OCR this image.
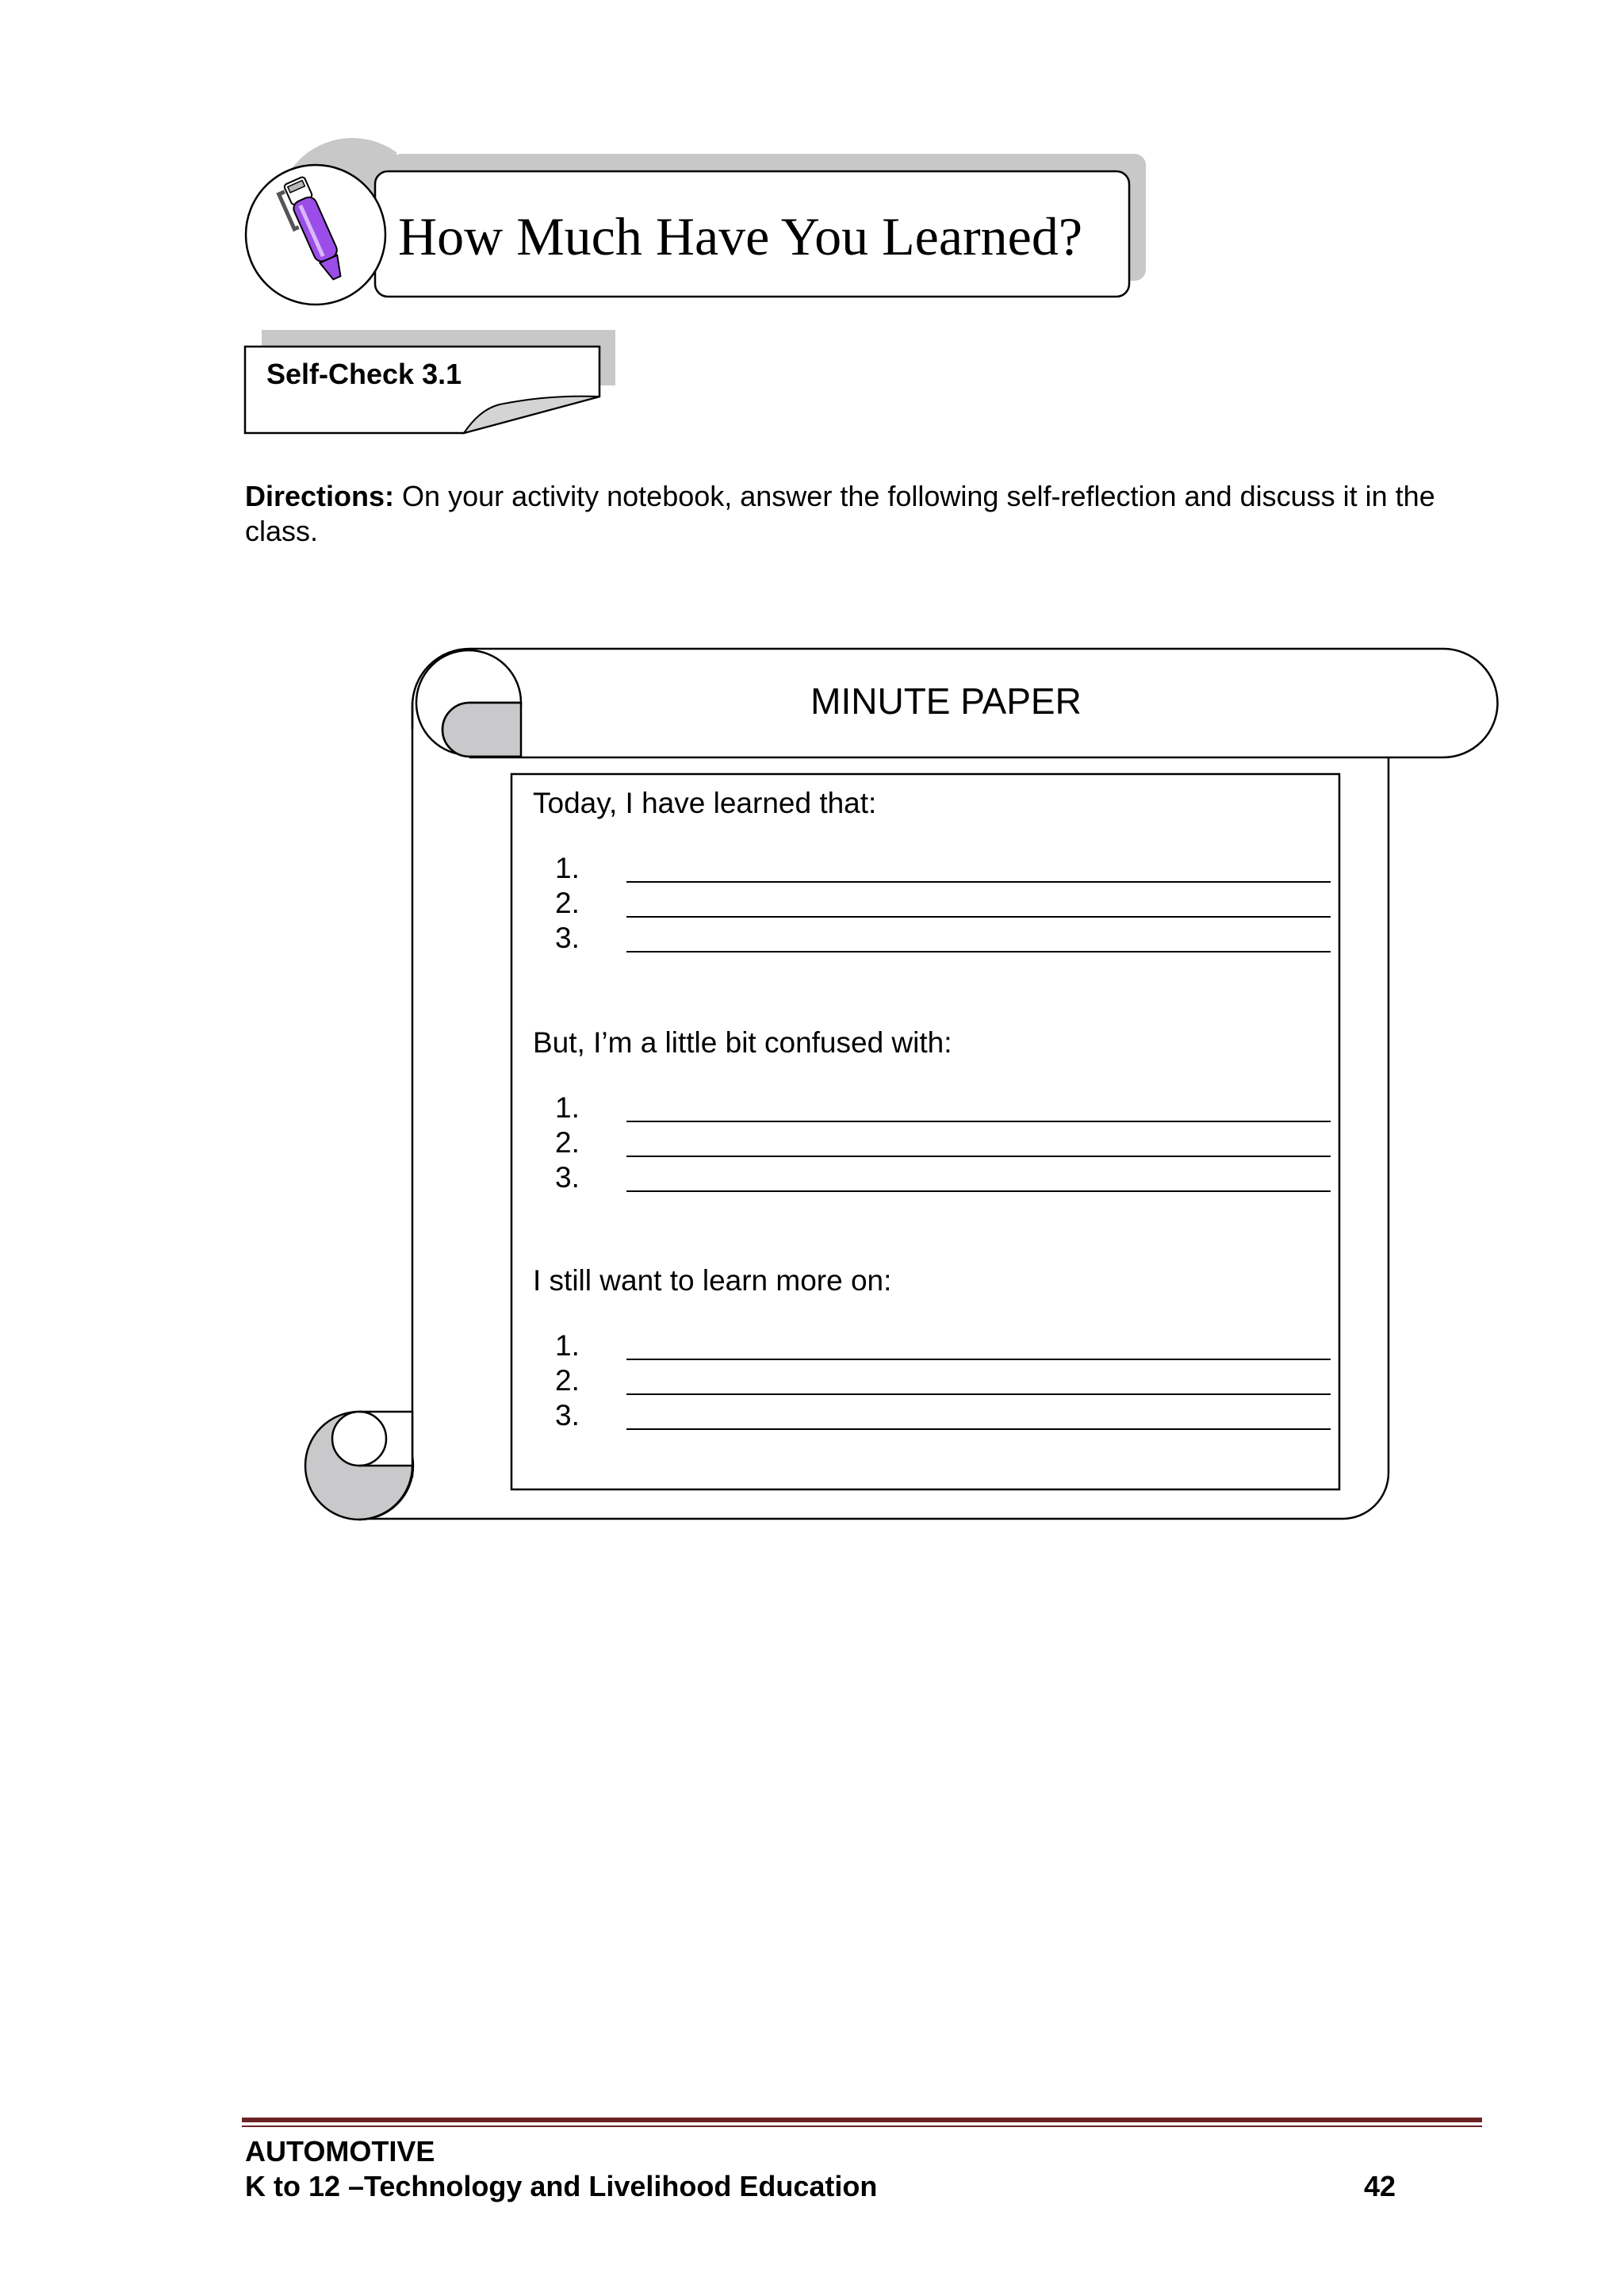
How Much Have You Learned?
Self-Check 3.1
Directions: On your activity notebook, answer the following self-reflection and discuss it in the class.
MINUTE PAPER
Today, I have learned that:
1.
2.
3.
But, I’m a little bit confused with:
1.
2.
3.
I still want to learn more on:
1.
2.
3.
AUTOMOTIVE
K to 12 –Technology and Livelihood Education	42
